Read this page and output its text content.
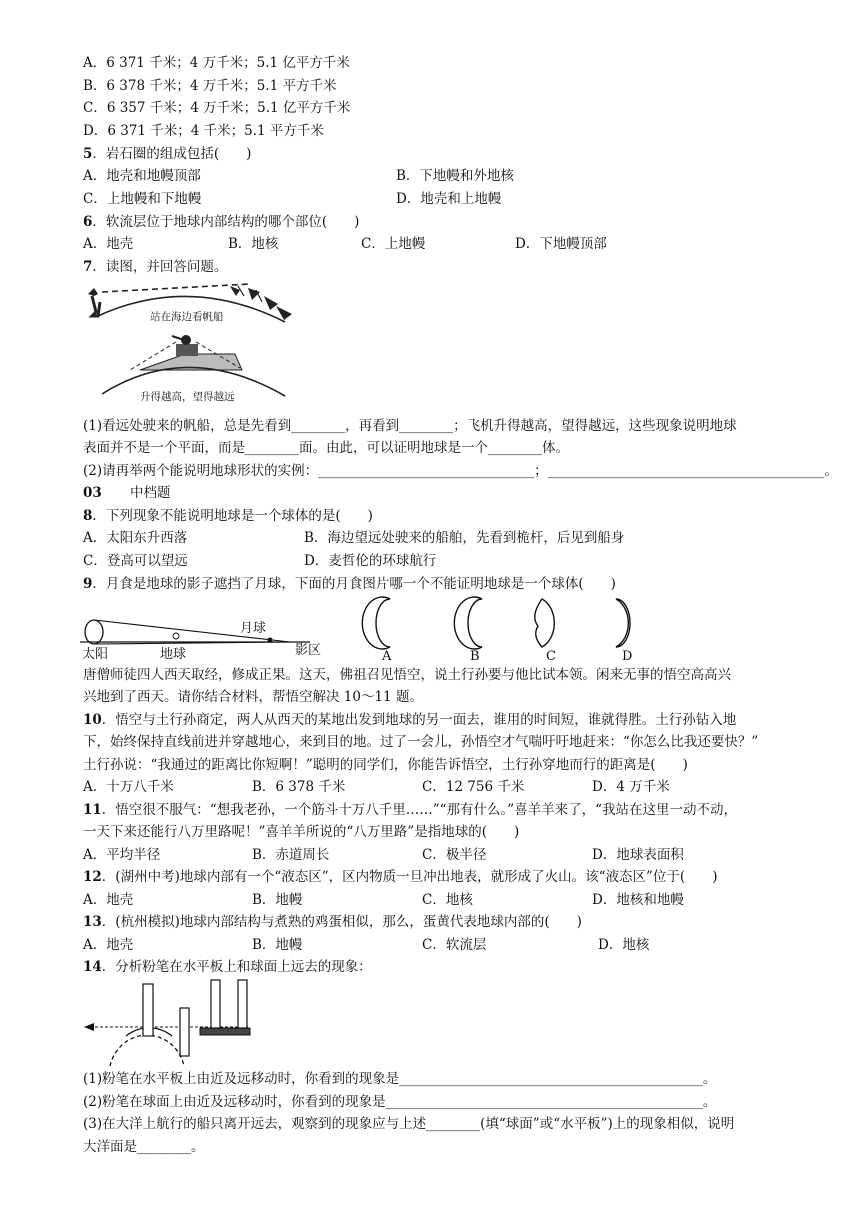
A．6 371 千米；4 万千米；5.1 亿平方千米
B．6 378 千米；4 万千米；5.1 平方千米
C．6 357 千米；4 万千米；5.1 亿平方千米
D．6 371 千米；4 千米；5.1 平方千米
5．岩石圈的组成包括(　　)
A．地壳和地幔顶部	B．下地幔和外地核
C．上地幔和下地幔	D．地壳和上地幔
6．软流层位于地球内部结构的哪个部位(　　)
A．地壳	B．地核	C．上地幔	D．下地幔顶部
7．读图，并回答问题。
站在海边看帆船
升得越高，望得越远
(1)看远处驶来的帆船，总是先看到________，再看到________；飞机升得越高，望得越远，这些现象说明地球
表面并不是一个平面，而是________面。由此，可以证明地球是一个________体。
(2)请再举两个能说明地球形状的实例：________________________________；_________________________________________。
03 中档题
8．下列现象不能说明地球是一个球体的是(　　)
A．太阳东升西落	B．海边望远处驶来的船舶，先看到桅杆，后见到船身
C．登高可以望远	D．麦哲伦的环球航行
9．月食是地球的影子遮挡了月球，下面的月食图片哪一个不能证明地球是一个球体(　　)
太阳	地球
月球
影区	A	B	C	D
唐僧师徒四人西天取经，修成正果。这天，佛祖召见悟空，说土行孙要与他比试本领。闲来无事的悟空高高兴
兴地到了西天。请你结合材料，帮悟空解决 10～11 题。
10．悟空与土行孙商定，两人从西天的某地出发到地球的另一面去，谁用的时间短，谁就得胜。土行孙钻入地
下，始终保持直线前进并穿越地心，来到目的地。过了一会儿，孙悟空才气喘吁吁地赶来：“你怎么比我还要快？”
土行孙说：“我通过的距离比你短啊！”聪明的同学们，你能告诉悟空，土行孙穿地而行的距离是(　　)
A．十万八千米	B．6 378 千米	C．12 756 千米	D．4 万千米
11．悟空很不服气：“想我老孙，一个筋斗十万八千里……”“那有什么。”喜羊羊来了，“我站在这里一动不动，
一天下来还能行八万里路呢！”喜羊羊所说的“八万里路”是指地球的(　　)
A．平均半径	B．赤道周长	C．极半径	D．地球表面积
12．(湖州中考)地球内部有一个“液态区”，区内物质一旦冲出地表，就形成了火山。该“液态区”位于(　　)
A．地壳	B．地幔	C．地核	D．地核和地幔
13．(杭州模拟)地球内部结构与煮熟的鸡蛋相似，那么，蛋黄代表地球内部的(　　)
A．地壳	B．地幔	C．软流层	D．地核
14．分析粉笔在水平板上和球面上远去的现象：
(1)粉笔在水平板上由近及远移动时，你看到的现象是_____________________________________________。
(2)粉笔在球面上由近及远移动时，你看到的现象是_______________________________________________。
(3)在大洋上航行的船只离开远去，观察到的现象应与上述________(填“球面”或“水平板”)上的现象相似，说明
大洋面是________。
